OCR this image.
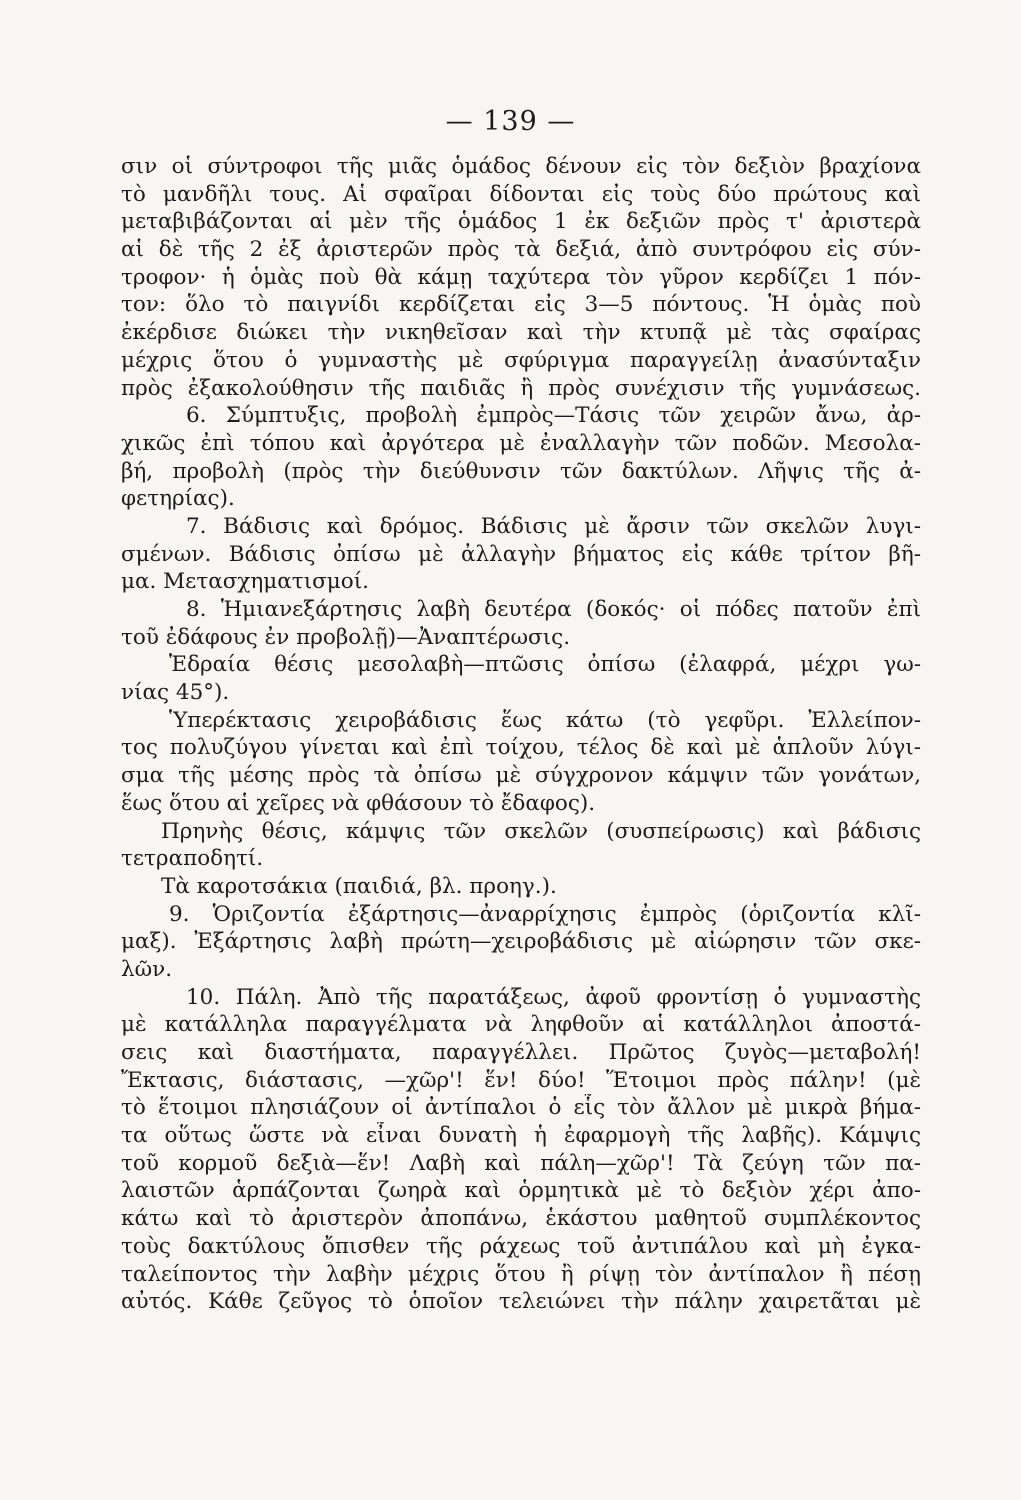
— 139 —
σιν οἱ σύντροφοι τῆς μιᾶς ὁμάδος δένουν εἰς τὸν δεξιὸν βραχίονα
τὸ μανδῆλι τους. Αἱ σφαῖραι δίδονται εἰς τοὺς δύο πρώτους καὶ
μεταβιβάζονται αἱ μὲν τῆς ὁμάδος 1 ἐκ δεξιῶν πρὸς τ' ἀριστερὰ
αἱ δὲ τῆς 2 ἐξ ἀριστερῶν πρὸς τὰ δεξιά, ἀπὸ συντρόφου εἰς σύν-
τροφον· ἡ ὁμὰς ποὺ θὰ κάμῃ ταχύτερα τὸν γῦρον κερδίζει 1 πόν-
τον: ὅλο τὸ παιγνίδι κερδίζεται εἰς 3—5 πόντους. Ἡ ὁμὰς ποὺ
ἐκέρδισε διώκει τὴν νικηθεῖσαν καὶ τὴν κτυπᾷ μὲ τὰς σφαίρας
μέχρις ὅτου ὁ γυμναστὴς μὲ σφύριγμα παραγγείλῃ ἀνασύνταξιν
πρὸς ἐξακολούθησιν τῆς παιδιᾶς ἢ πρὸς συνέχισιν τῆς γυμνάσεως.
6. Σύμπτυξις, προβολὴ ἐμπρὸς—Τάσις τῶν χειρῶν ἄνω, ἀρ-
χικῶς ἐπὶ τόπου καὶ ἀργότερα μὲ ἐναλλαγὴν τῶν ποδῶν. Μεσολα-
βή, προβολὴ (πρὸς τὴν διεύθυνσιν τῶν δακτύλων. Λῆψις τῆς ἀ-
φετηρίας).
7. Βάδισις καὶ δρόμος. Βάδισις μὲ ἄρσιν τῶν σκελῶν λυγι-
σμένων. Βάδισις ὀπίσω μὲ ἀλλαγὴν βήματος εἰς κάθε τρίτον βῆ-
μα. Μετασχηματισμοί.
8. Ἡμιανεξάρτησις λαβὴ δευτέρα (δοκός· οἱ πόδες πατοῦν ἐπὶ
τοῦ ἐδάφους ἐν προβολῇ)—Ἀναπτέρωσις.
Ἑδραία θέσις μεσολαβὴ—πτῶσις ὀπίσω (ἐλαφρά, μέχρι γω-
νίας 45°).
Ὑπερέκτασις χειροβάδισις ἕως κάτω (τὸ γεφῦρι. Ἐλλείπον-
τος πολυζύγου γίνεται καὶ ἐπὶ τοίχου, τέλος δὲ καὶ μὲ ἁπλοῦν λύγι-
σμα τῆς μέσης πρὸς τὰ ὀπίσω μὲ σύγχρονον κάμψιν τῶν γονάτων,
ἕως ὅτου αἱ χεῖρες νὰ φθάσουν τὸ ἔδαφος).
Πρηνὴς θέσις, κάμψις τῶν σκελῶν (συσπείρωσις) καὶ βάδισις
τετραποδητί.
Τὰ καροτσάκια (παιδιά, βλ. προηγ.).
9. Ὁριζοντία ἐξάρτησις—ἀναρρίχησις ἐμπρὸς (ὁριζοντία κλῖ-
μαξ). Ἐξάρτησις λαβὴ πρώτη—χειροβάδισις μὲ αἰώρησιν τῶν σκε-
λῶν.
10. Πάλη. Ἀπὸ τῆς παρατάξεως, ἀφοῦ φροντίσῃ ὁ γυμναστὴς
μὲ κατάλληλα παραγγέλματα νὰ ληφθοῦν αἱ κατάλληλοι ἀποστά-
σεις καὶ διαστήματα, παραγγέλλει. Πρῶτος ζυγὸς—μεταβολή!
Ἔκτασις, διάστασις, —χῶρ'! ἕν! δύο! Ἕτοιμοι πρὸς πάλην! (μὲ
τὸ ἕτοιμοι πλησιάζουν οἱ ἀντίπαλοι ὁ εἷς τὸν ἄλλον μὲ μικρὰ βήμα-
τα οὕτως ὥστε νὰ εἶναι δυνατὴ ἡ ἐφαρμογὴ τῆς λαβῆς). Κάμψις
τοῦ κορμοῦ δεξιὰ—ἕν! Λαβὴ καὶ πάλη—χῶρ'! Τὰ ζεύγη τῶν πα-
λαιστῶν ἁρπάζονται ζωηρὰ καὶ ὁρμητικὰ μὲ τὸ δεξιὸν χέρι ἀπο-
κάτω καὶ τὸ ἀριστερὸν ἀποπάνω, ἑκάστου μαθητοῦ συμπλέκοντος
τοὺς δακτύλους ὄπισθεν τῆς ράχεως τοῦ ἀντιπάλου καὶ μὴ ἐγκα-
ταλείποντος τὴν λαβὴν μέχρις ὅτου ἢ ρίψῃ τὸν ἀντίπαλον ἢ πέσῃ
αὐτός. Κάθε ζεῦγος τὸ ὁποῖον τελειώνει τὴν πάλην χαιρετᾶται μὲ
